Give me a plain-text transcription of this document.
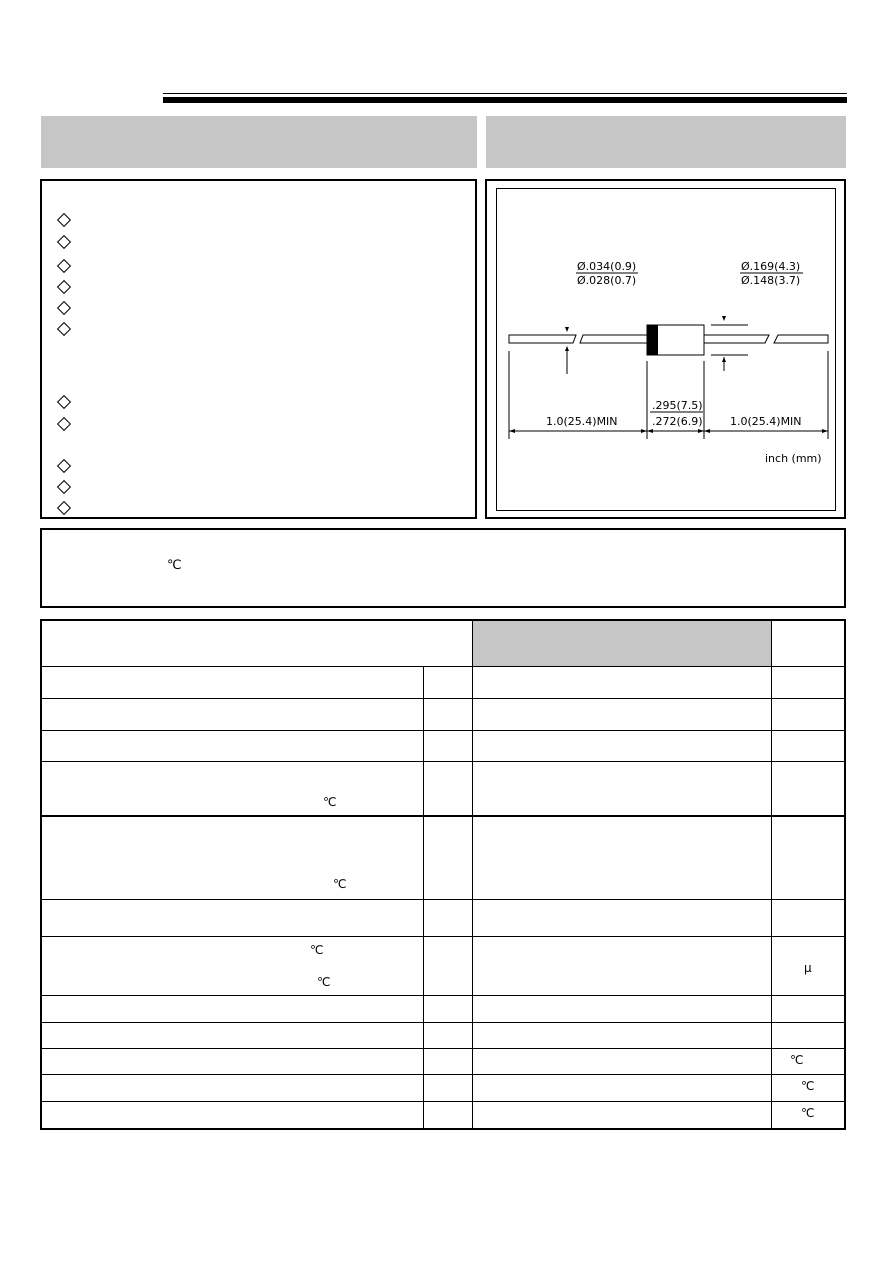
Ø.034(0.9)
Ø.028(0.7)
Ø.169(4.3)
Ø.148(3.7)
1.0(25.4)MIN
.295(7.5)
.272(6.9) 1.0(25.4)MIN
inch (mm)
℃
℃
℃
℃
℃
μ
℃
℃
℃
